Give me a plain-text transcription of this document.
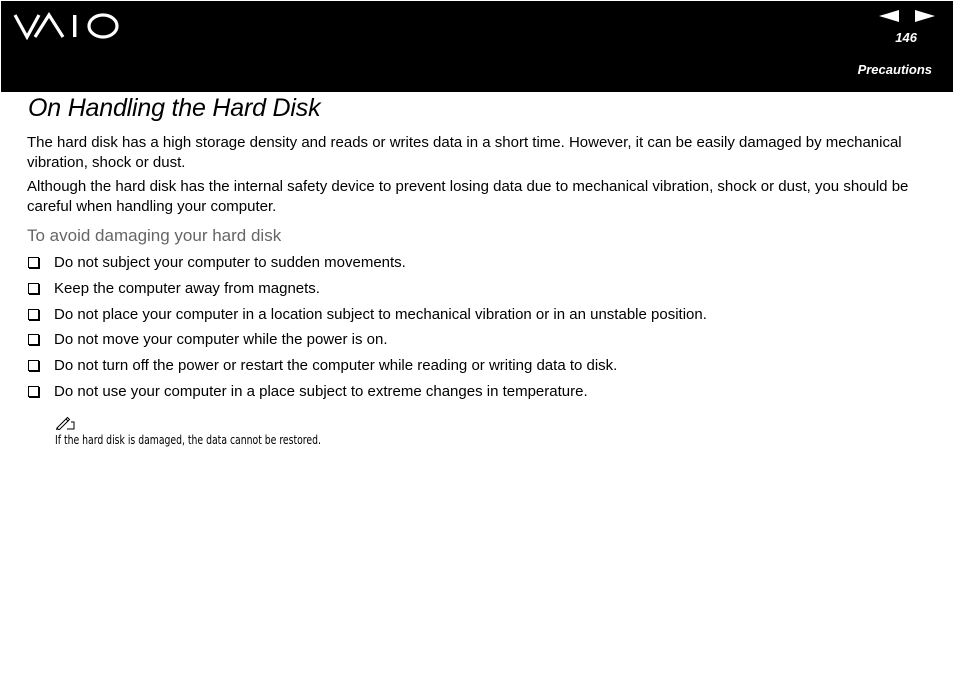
146
Precautions
On Handling the Hard Disk

The hard disk has a high storage density and reads or writes data in a short time. However, it can be easily damaged by mechanical vibration, shock or dust.

Although the hard disk has the internal safety device to prevent losing data due to mechanical vibration, shock or dust, you should be careful when handling your computer.

To avoid damaging your hard disk
Do not subject your computer to sudden movements.
Keep the computer away from magnets.
Do not place your computer in a location subject to mechanical vibration or in an unstable position.
Do not move your computer while the power is on.
Do not turn off the power or restart the computer while reading or writing data to disk.
Do not use your computer in a place subject to extreme changes in temperature.
If the hard disk is damaged, the data cannot be restored.
